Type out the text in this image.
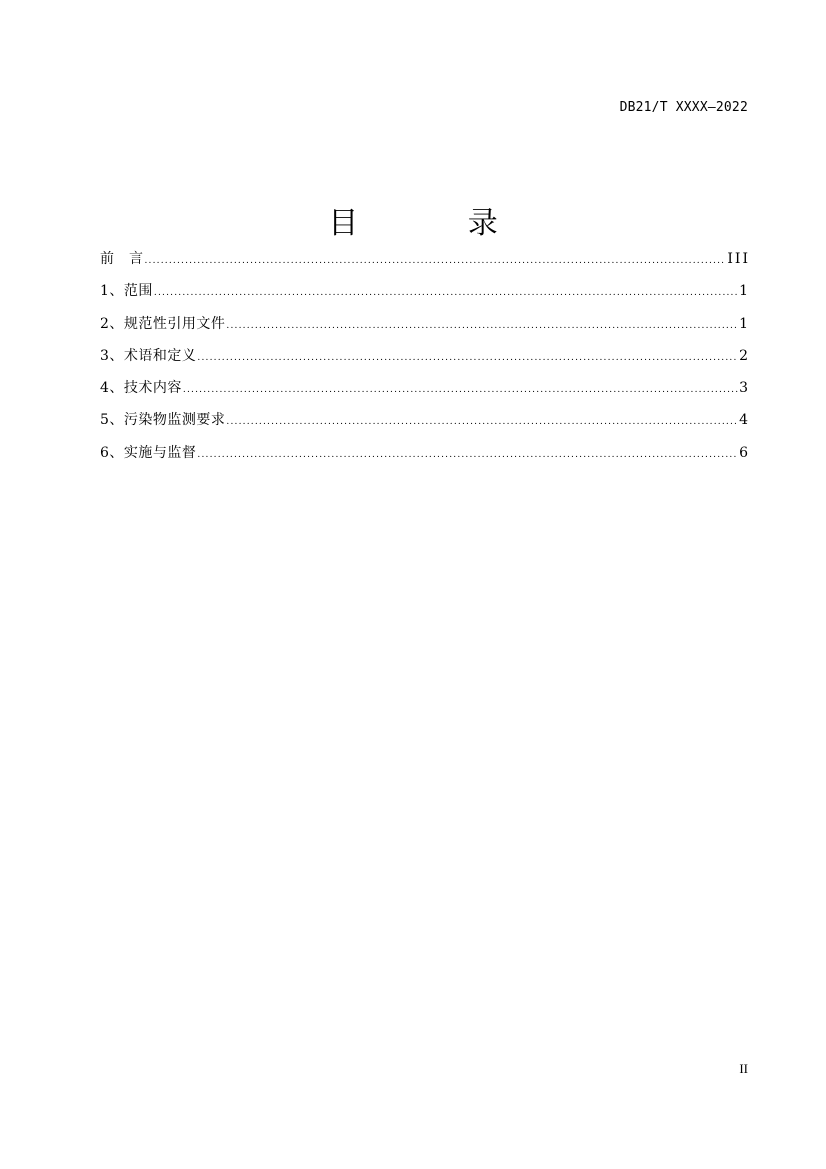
DB21/T XXXX—2022
目 录
前　言 .....	III
1、范围 .....	1
2、规范性引用文件 .....	1
3、术语和定义 .....	2
4、技术内容 .....	3
5、污染物监测要求 .....	4
6、实施与监督 .....	6
II
